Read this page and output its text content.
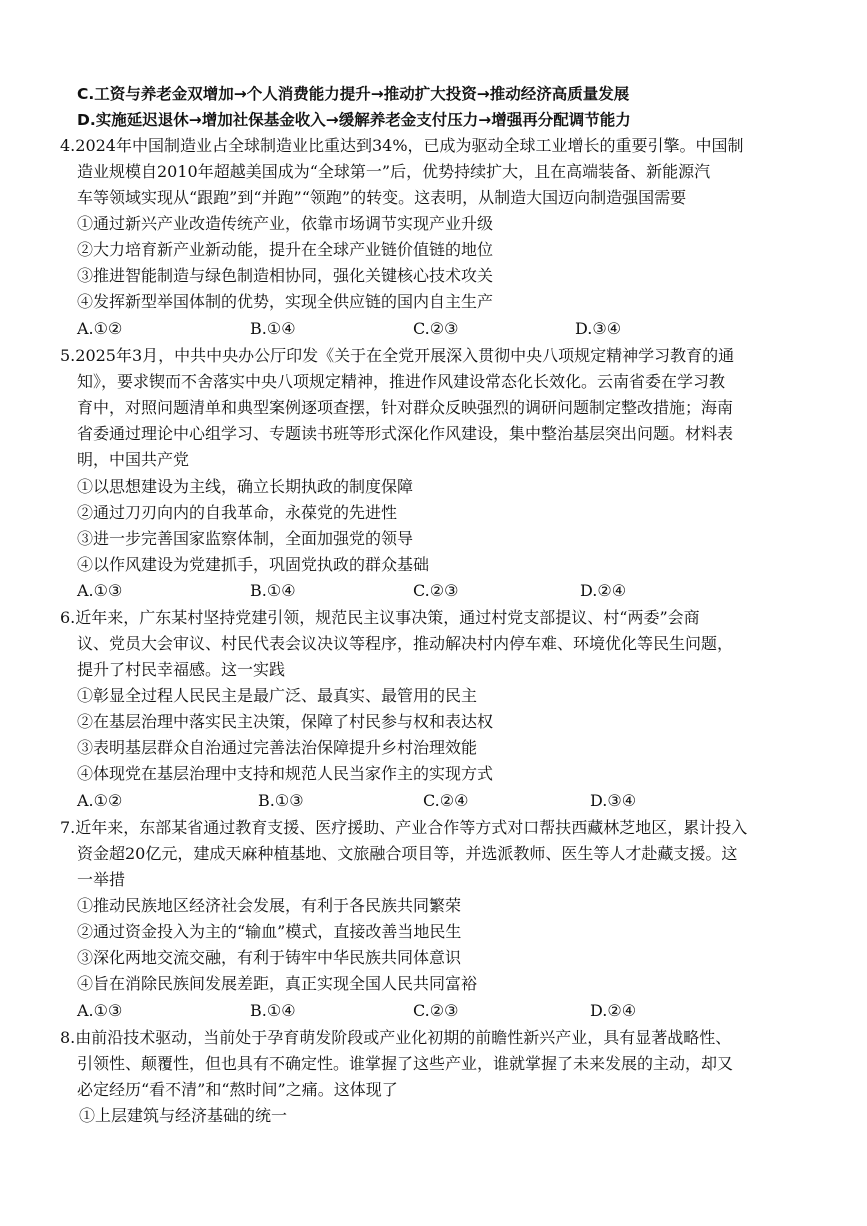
C.工资与养老金双增加→个人消费能力提升→推动扩大投资→推动经济高质量发展
D.实施延迟退休→增加社保基金收入→缓解养老金支付压力→增强再分配调节能力
4.2024年中国制造业占全球制造业比重达到34%，已成为驱动全球工业增长的重要引擎。中国制
造业规模自2010年超越美国成为“全球第一”后，优势持续扩大，且在高端装备、新能源汽
车等领域实现从“跟跑”到“并跑”“领跑”的转变。这表明，从制造大国迈向制造强国需要
①通过新兴产业改造传统产业，依靠市场调节实现产业升级
②大力培育新产业新动能，提升在全球产业链价值链的地位
③推进智能制造与绿色制造相协同，强化关键核心技术攻关
④发挥新型举国体制的优势，实现全供应链的国内自主生产
A.①②	B.①④	C.②③	D.③④
5.2025年3月，中共中央办公厅印发《关于在全党开展深入贯彻中央八项规定精神学习教育的通
知》，要求锲而不舍落实中央八项规定精神，推进作风建设常态化长效化。云南省委在学习教
育中，对照问题清单和典型案例逐项查摆，针对群众反映强烈的调研问题制定整改措施；海南
省委通过理论中心组学习、专题读书班等形式深化作风建设，集中整治基层突出问题。材料表
明，中国共产党
①以思想建设为主线，确立长期执政的制度保障
②通过刀刃向内的自我革命，永葆党的先进性
③进一步完善国家监察体制，全面加强党的领导
④以作风建设为党建抓手，巩固党执政的群众基础
A.①③	B.①④	C.②③	D.②④
6.近年来，广东某村坚持党建引领，规范民主议事决策，通过村党支部提议、村“两委”会商
议、党员大会审议、村民代表会议决议等程序，推动解决村内停车难、环境优化等民生问题，
提升了村民幸福感。这一实践
①彰显全过程人民民主是最广泛、最真实、最管用的民主
②在基层治理中落实民主决策，保障了村民参与权和表达权
③表明基层群众自治通过完善法治保障提升乡村治理效能
④体现党在基层治理中支持和规范人民当家作主的实现方式
A.①②	B.①③	C.②④	D.③④
7.近年来，东部某省通过教育支援、医疗援助、产业合作等方式对口帮扶西藏林芝地区，累计投入
资金超20亿元，建成天麻种植基地、文旅融合项目等，并选派教师、医生等人才赴藏支援。这
一举措
①推动民族地区经济社会发展，有利于各民族共同繁荣
②通过资金投入为主的“输血”模式，直接改善当地民生
③深化两地交流交融，有利于铸牢中华民族共同体意识
④旨在消除民族间发展差距，真正实现全国人民共同富裕
A.①③	B.①④	C.②③	D.②④
8.由前沿技术驱动，当前处于孕育萌发阶段或产业化初期的前瞻性新兴产业，具有显著战略性、
引领性、颠覆性，但也具有不确定性。谁掌握了这些产业，谁就掌握了未来发展的主动，却又
必定经历“看不清”和“熬时间”之痛。这体现了
①上层建筑与经济基础的统一
